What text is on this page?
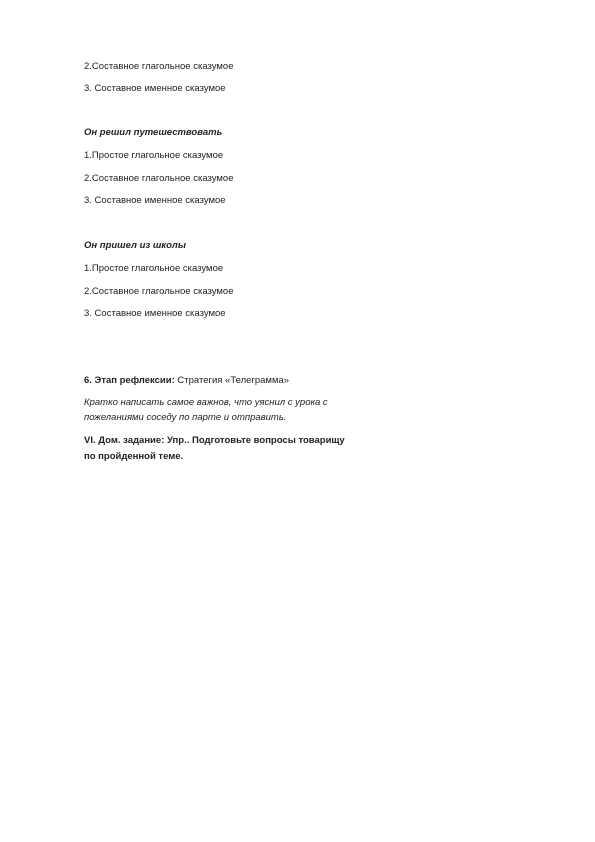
2.Составное глагольное сказумое
3. Составное именное сказумое
Он решил путешествовать
1.Простое глагольное сказумое
2.Составное глагольное сказумое
3. Составное именное сказумое
Он пришел из школы
1.Простое глагольное сказумое
2.Составное глагольное сказумое
3. Составное именное сказумое
6. Этап рефлексии: Стратегия «Телеграмма»
Кратко написать самое важнов, что уяснил с урока с
пожеланиями соседу по парте и отправить.
VI. Дом. задание: Упр.. Подготовьте вопросы товарищу
по пройденной теме.
